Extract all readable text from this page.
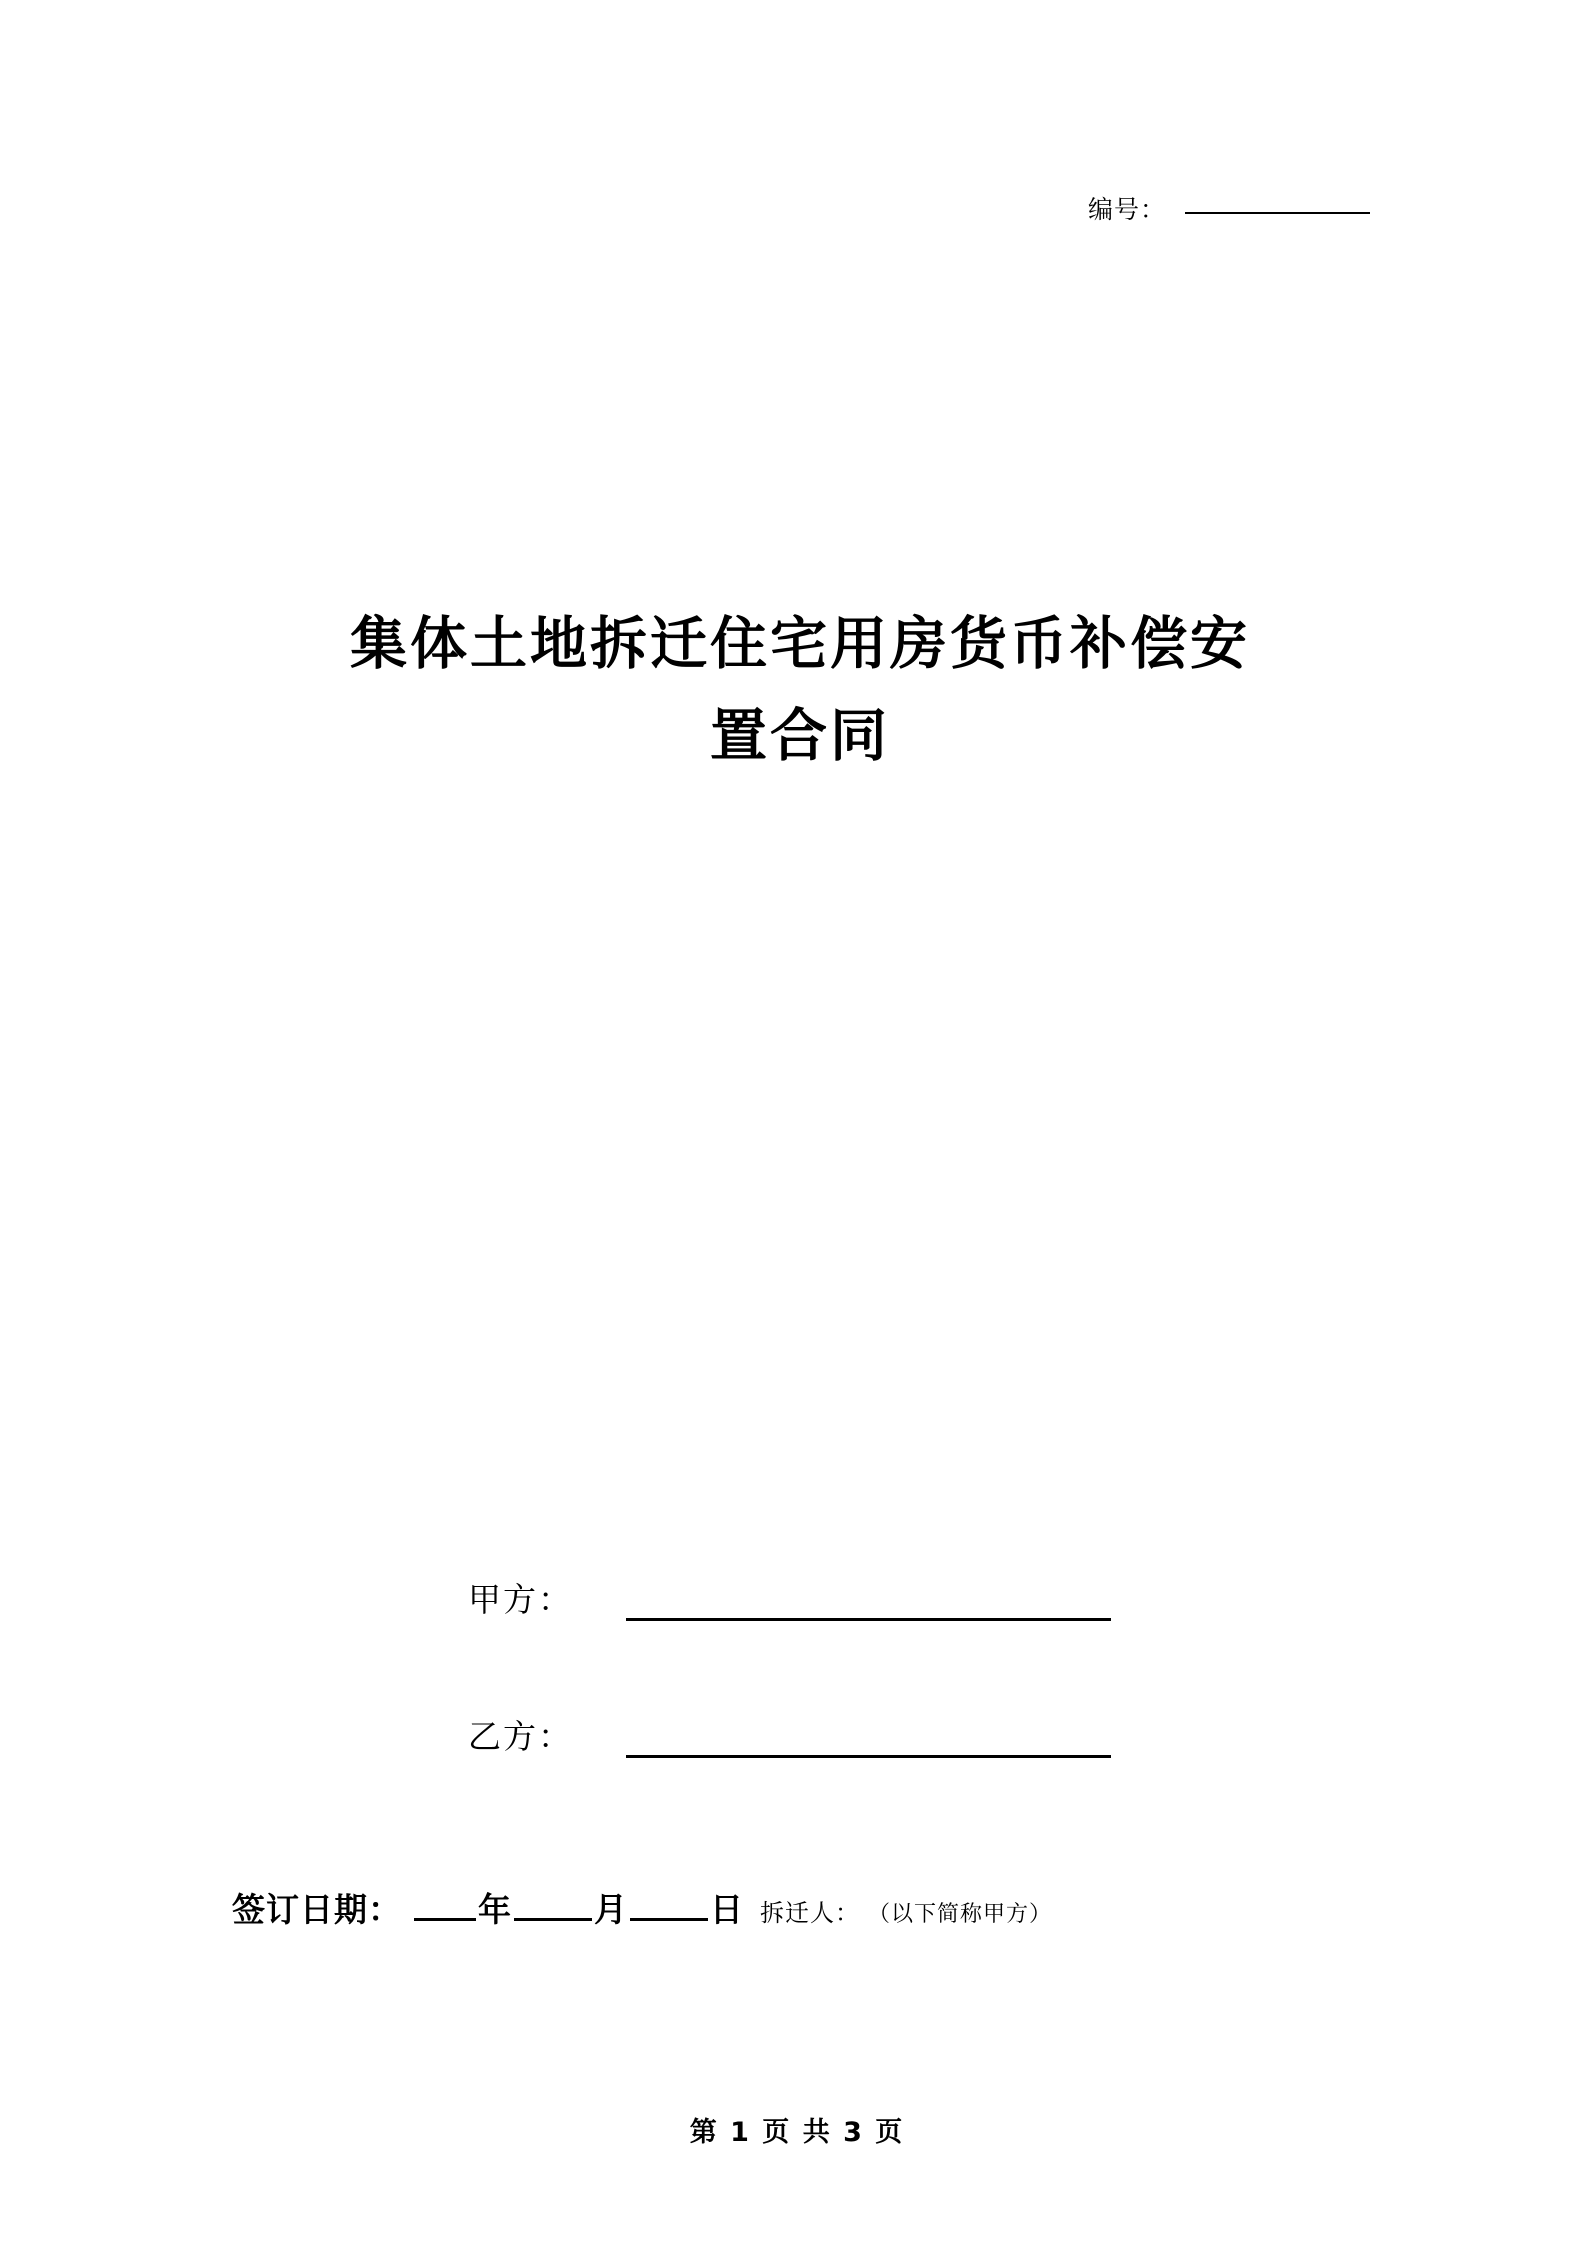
编号：
集体土地拆迁住宅用房货币补偿安
置合同
甲方：
乙方：
签订日期： 年 月 日 拆迁人： （以下简称甲方）
第 1 页 共 3 页
